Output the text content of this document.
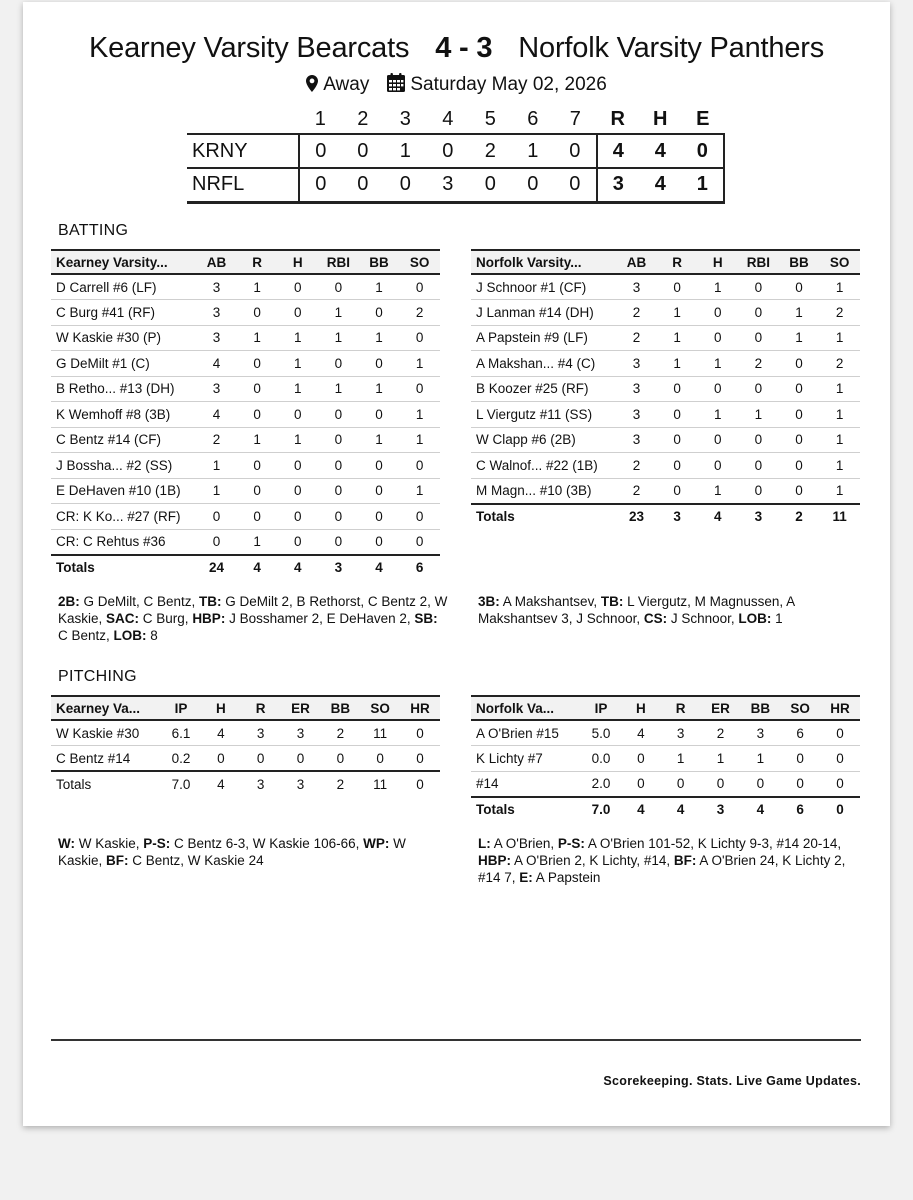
Kearney Varsity Bearcats 4 - 3 Norfolk Varsity Panthers
Away Saturday May 02, 2026
	1	2	3	4	5	6	7	R	H	E
KRNY	0	0	1	0	2	1	0	4	4	0
NRFL	0	0	0	3	0	0	0	3	4	1
BATTING
Kearney Varsity...	AB	R	H	RBI	BB	SO
D Carrell #6 (LF)	3	1	0	0	1	0
C Burg #41 (RF)	3	0	0	1	0	2
W Kaskie #30 (P)	3	1	1	1	1	0
G DeMilt #1 (C)	4	0	1	0	0	1
B Retho... #13 (DH)	3	0	1	1	1	0
K Wemhoff #8 (3B)	4	0	0	0	0	1
C Bentz #14 (CF)	2	1	1	0	1	1
J Bossha... #2 (SS)	1	0	0	0	0	0
E DeHaven #10 (1B)	1	0	0	0	0	1
CR: K Ko... #27 (RF)	0	0	0	0	0	0
CR: C Rehtus #36	0	1	0	0	0	0
Totals	24	4	4	3	4	6
Norfolk Varsity...	AB	R	H	RBI	BB	SO
J Schnoor #1 (CF)	3	0	1	0	0	1
J Lanman #14 (DH)	2	1	0	0	1	2
A Papstein #9 (LF)	2	1	0	0	1	1
A Makshan... #4 (C)	3	1	1	2	0	2
B Koozer #25 (RF)	3	0	0	0	0	1
L Viergutz #11 (SS)	3	0	1	1	0	1
W Clapp #6 (2B)	3	0	0	0	0	1
C Walnof... #22 (1B)	2	0	0	0	0	1
M Magn... #10 (3B)	2	0	1	0	0	1
Totals	23	3	4	3	2	11
2B: G DeMilt, C Bentz, TB: G DeMilt 2, B Rethorst, C Bentz 2, W Kaskie, SAC: C Burg, HBP: J Bosshamer 2, E DeHaven 2, SB: C Bentz, LOB: 8
3B: A Makshantsev, TB: L Viergutz, M Magnussen, A Makshantsev 3, J Schnoor, CS: J Schnoor, LOB: 1
PITCHING
Kearney Va...	IP	H	R	ER	BB	SO	HR
W Kaskie #30	6.1	4	3	3	2	11	0
C Bentz #14	0.2	0	0	0	0	0	0
Totals	7.0	4	3	3	2	11	0
Norfolk Va...	IP	H	R	ER	BB	SO	HR
A O'Brien #15	5.0	4	3	2	3	6	0
K Lichty #7	0.0	0	1	1	1	0	0
#14	2.0	0	0	0	0	0	0
Totals	7.0	4	4	3	4	6	0
W: W Kaskie, P-S: C Bentz 6-3, W Kaskie 106-66, WP: W Kaskie, BF: C Bentz, W Kaskie 24
L: A O'Brien, P-S: A O'Brien 101-52, K Lichty 9-3, #14 20-14, HBP: A O'Brien 2, K Lichty, #14, BF: A O'Brien 24, K Lichty 2, #14 7, E: A Papstein
Scorekeeping. Stats. Live Game Updates.
